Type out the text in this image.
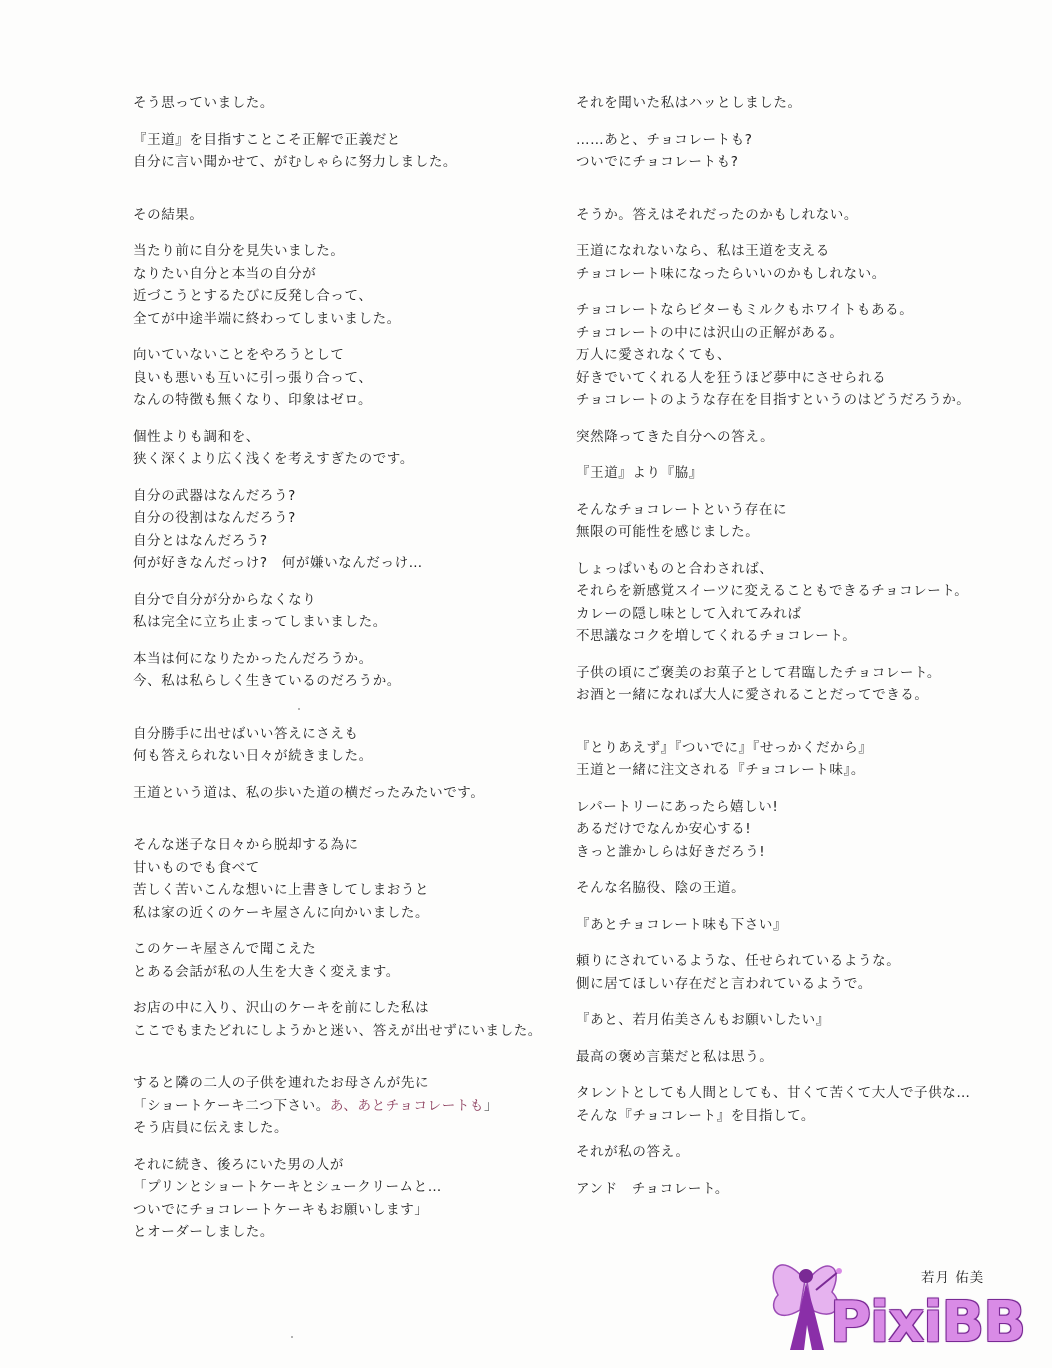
そう思っていました。
『王道』を目指すことこそ正解で正義だと
自分に言い聞かせて、がむしゃらに努力しました。
その結果。
当たり前に自分を見失いました。
なりたい自分と本当の自分が
近づこうとするたびに反発し合って、
全てが中途半端に終わってしまいました。
向いていないことをやろうとして
良いも悪いも互いに引っ張り合って、
なんの特徴も無くなり、印象はゼロ。
個性よりも調和を、
狭く深くより広く浅くを考えすぎたのです。
自分の武器はなんだろう?
自分の役割はなんだろう?
自分とはなんだろう?
何が好きなんだっけ?　何が嫌いなんだっけ…
自分で自分が分からなくなり
私は完全に立ち止まってしまいました。
本当は何になりたかったんだろうか。
今、私は私らしく生きているのだろうか。
自分勝手に出せばいい答えにさえも
何も答えられない日々が続きました。
王道という道は、私の歩いた道の横だったみたいです。
そんな迷子な日々から脱却する為に
甘いものでも食べて
苦しく苦いこんな想いに上書きしてしまおうと
私は家の近くのケーキ屋さんに向かいました。
このケーキ屋さんで聞こえた
とある会話が私の人生を大きく変えます。
お店の中に入り、沢山のケーキを前にした私は
ここでもまたどれにしようかと迷い、答えが出せずにいました。
すると隣の二人の子供を連れたお母さんが先に
「ショートケーキ二つ下さい。あ、あとチョコレートも」
そう店員に伝えました。
それに続き、後ろにいた男の人が
「プリンとショートケーキとシュークリームと…
ついでにチョコレートケーキもお願いします」
とオーダーしました。
それを聞いた私はハッとしました。
……あと、チョコレートも?
ついでにチョコレートも?
そうか。答えはそれだったのかもしれない。
王道になれないなら、私は王道を支える
チョコレート味になったらいいのかもしれない。
チョコレートならビターもミルクもホワイトもある。
チョコレートの中には沢山の正解がある。
万人に愛されなくても、
好きでいてくれる人を狂うほど夢中にさせられる
チョコレートのような存在を目指すというのはどうだろうか。
突然降ってきた自分への答え。
『王道』より『脇』
そんなチョコレートという存在に
無限の可能性を感じました。
しょっぱいものと合わされば、
それらを新感覚スイーツに変えることもできるチョコレート。
カレーの隠し味として入れてみれば
不思議なコクを増してくれるチョコレート。
子供の頃にご褒美のお菓子として君臨したチョコレート。
お酒と一緒になれば大人に愛されることだってできる。
『とりあえず』『ついでに』『せっかくだから』
王道と一緒に注文される『チョコレート味』。
レパートリーにあったら嬉しい!
あるだけでなんか安心する!
きっと誰かしらは好きだろう!
そんな名脇役、陰の王道。
『あとチョコレート味も下さい』
頼りにされているような、任せられているような。
側に居てほしい存在だと言われているようで。
『あと、若月佑美さんもお願いしたい』
最高の褒め言葉だと私は思う。
タレントとしても人間としても、甘くて苦くて大人で子供な…
そんな『チョコレート』を目指して。
それが私の答え。
アンド　チョコレート。
若月 佑美
PixiBB
